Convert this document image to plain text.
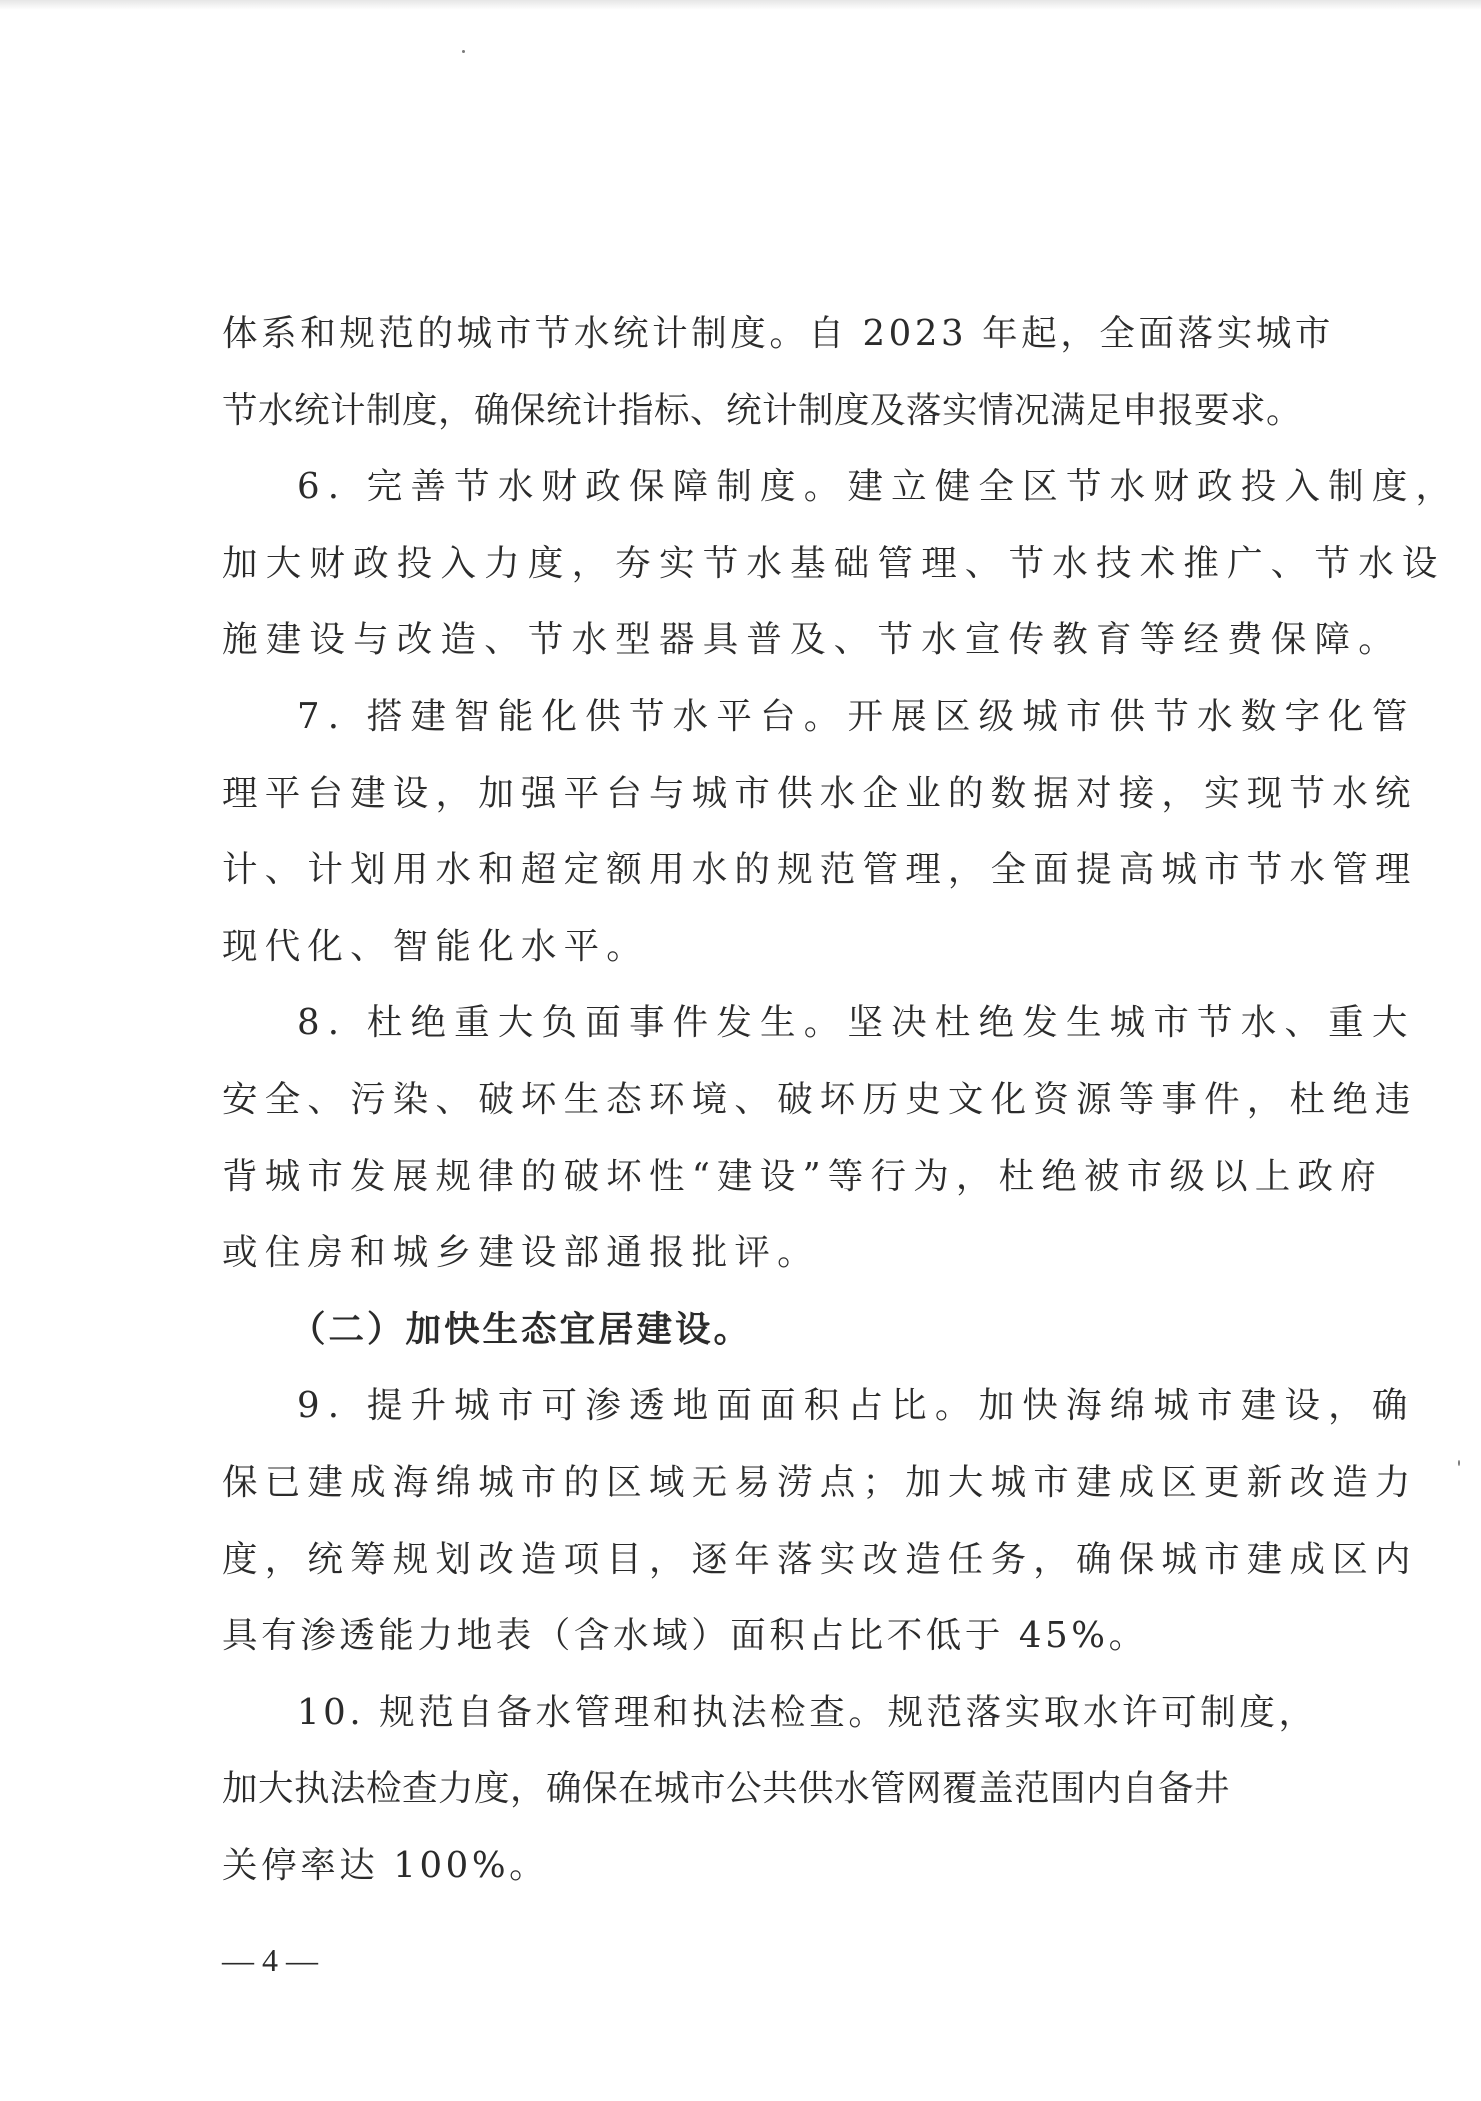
体系和规范的城市节水统计制度。自 2023 年起，全面落实城市
节水统计制度，确保统计指标、统计制度及落实情况满足申报要求。
6. 完善节水财政保障制度。建立健全区节水财政投入制度，
加大财政投入力度，夯实节水基础管理、节水技术推广、节水设
施建设与改造、节水型器具普及、节水宣传教育等经费保障。
7. 搭建智能化供节水平台。开展区级城市供节水数字化管
理平台建设，加强平台与城市供水企业的数据对接，实现节水统
计、计划用水和超定额用水的规范管理，全面提高城市节水管理
现代化、智能化水平。
8. 杜绝重大负面事件发生。坚决杜绝发生城市节水、重大
安全、污染、破坏生态环境、破坏历史文化资源等事件，杜绝违
背城市发展规律的破坏性“建设”等行为，杜绝被市级以上政府
或住房和城乡建设部通报批评。
（二）加快生态宜居建设。
9. 提升城市可渗透地面面积占比。加快海绵城市建设，确
保已建成海绵城市的区域无易涝点；加大城市建成区更新改造力
度，统筹规划改造项目，逐年落实改造任务，确保城市建成区内
具有渗透能力地表（含水域）面积占比不低于 45%。
10. 规范自备水管理和执法检查。规范落实取水许可制度，
加大执法检查力度，确保在城市公共供水管网覆盖范围内自备井
关停率达 100%。
— 4 —
